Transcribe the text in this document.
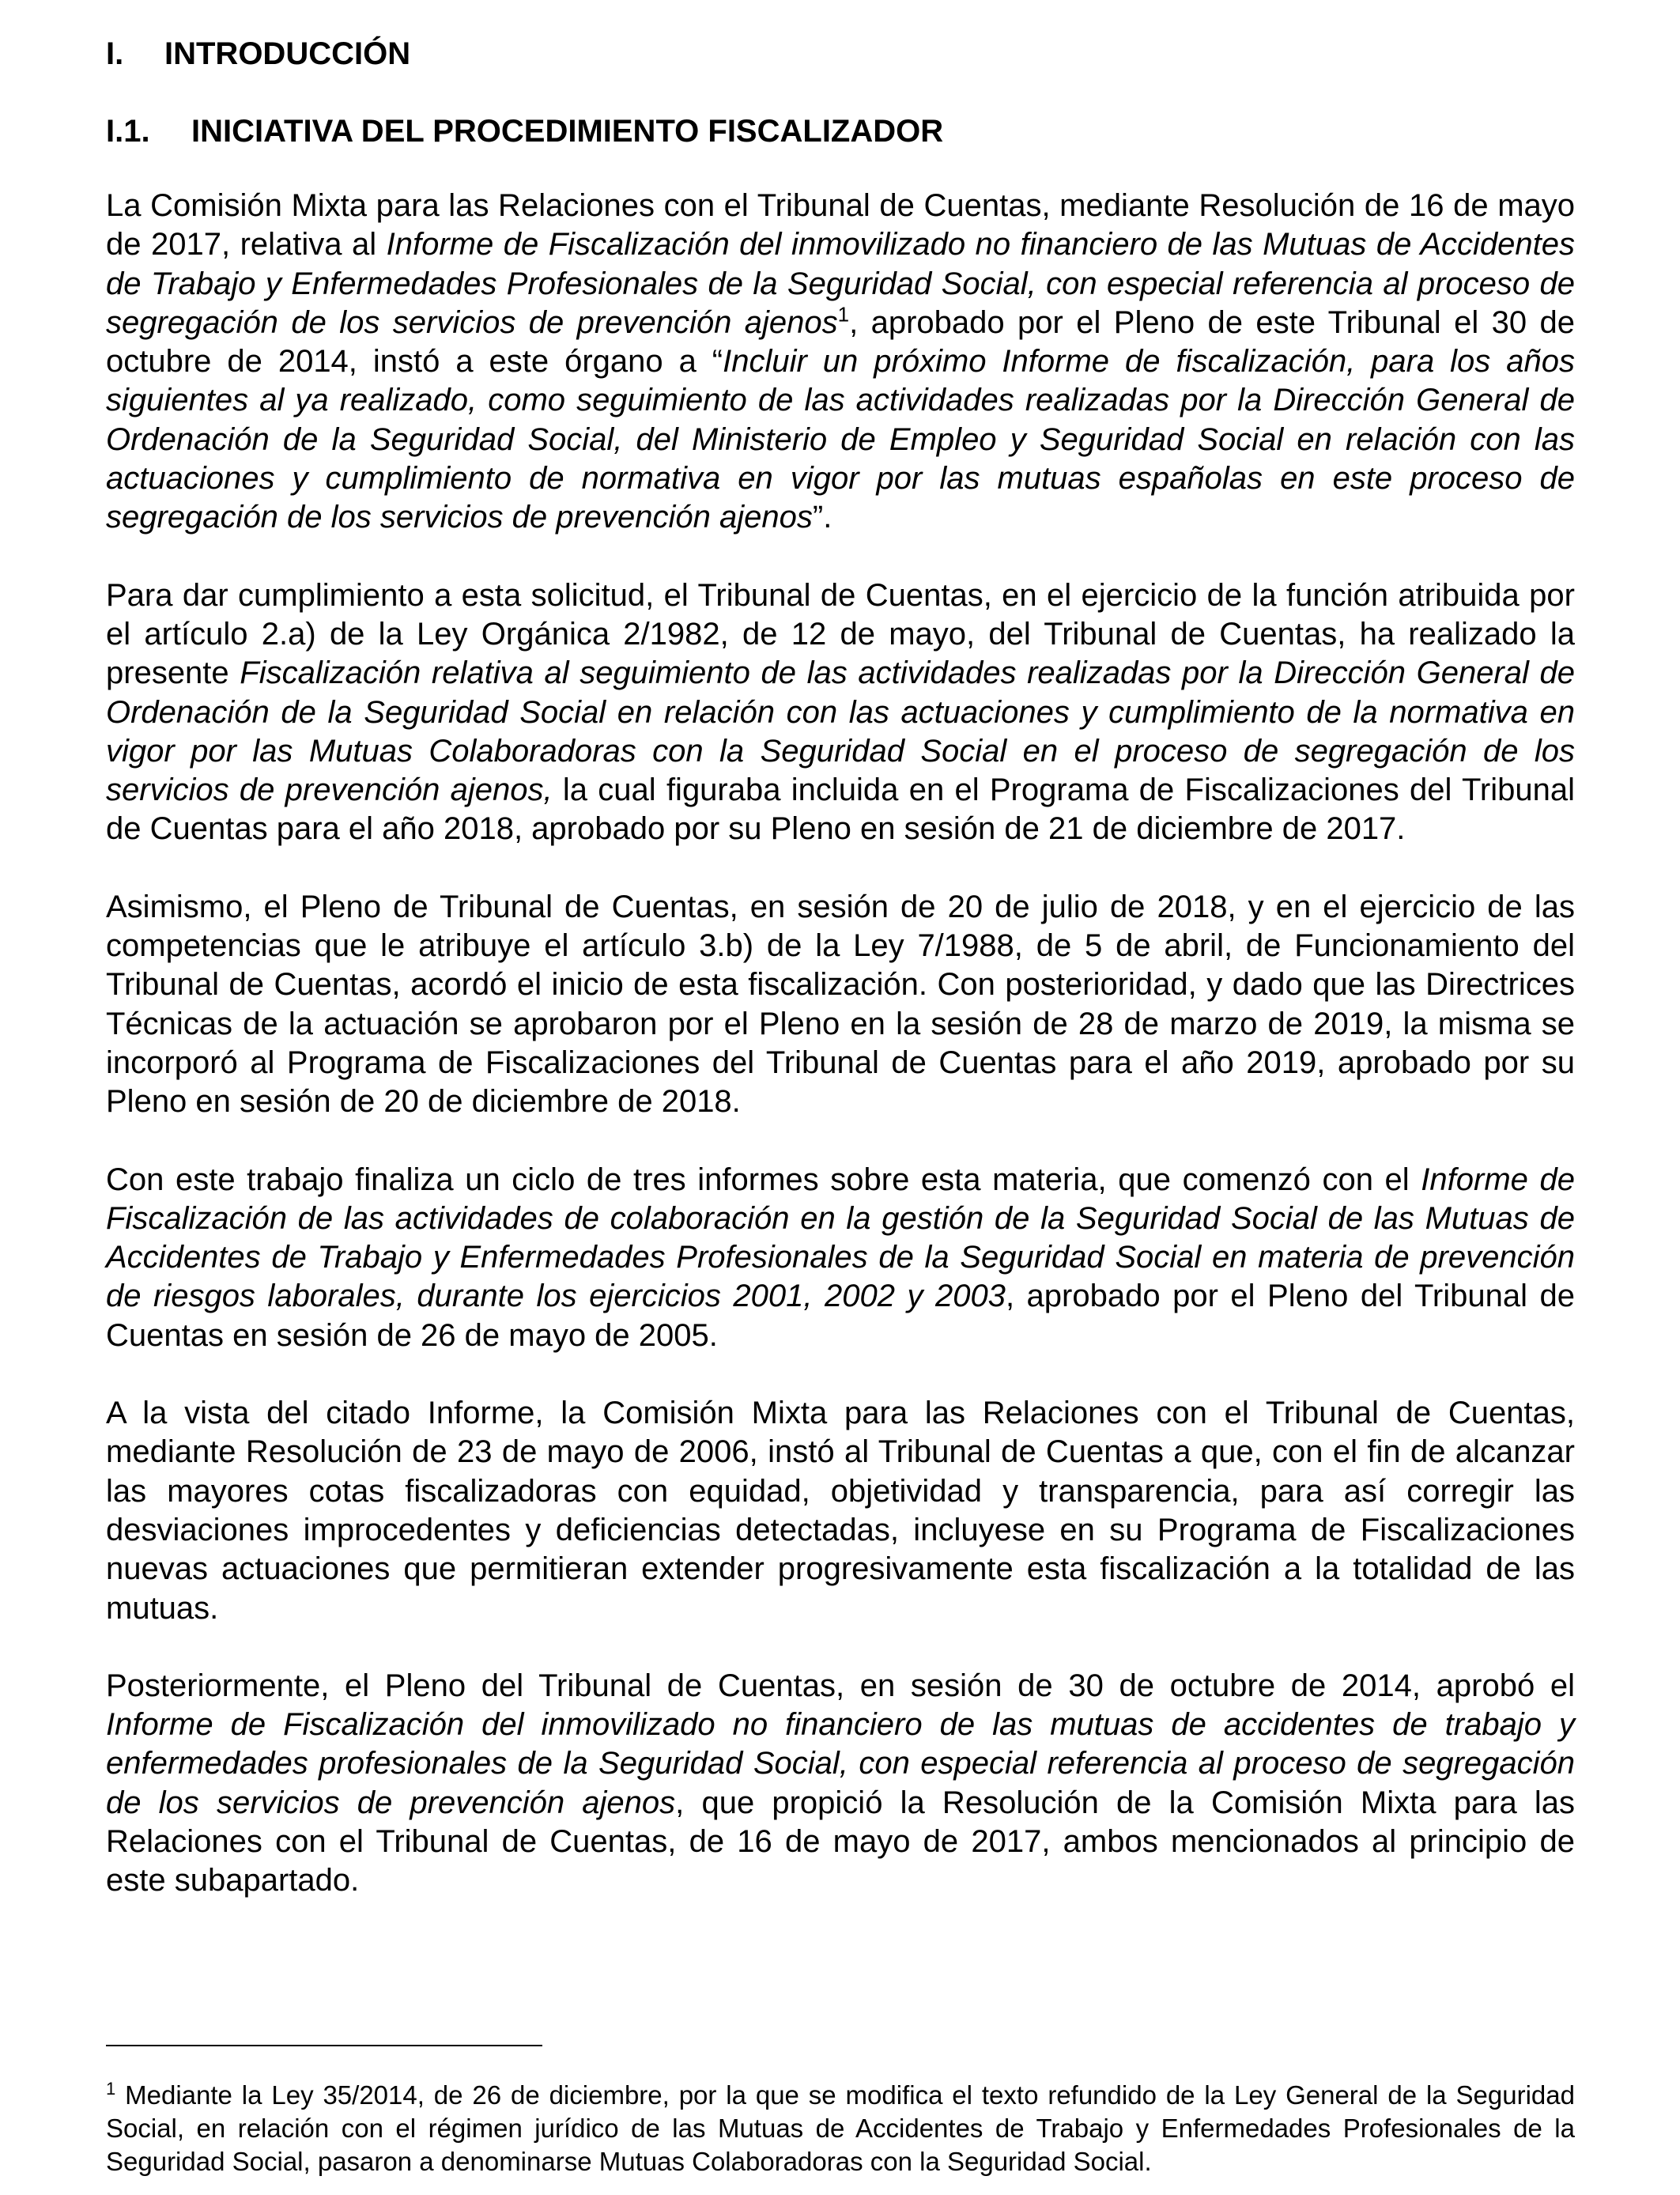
I. INTRODUCCIÓN
I.1. INICIATIVA DEL PROCEDIMIENTO FISCALIZADOR

La Comisión Mixta para las Relaciones con el Tribunal de Cuentas, mediante Resolución de 16 de mayo de 2017, relativa al Informe de Fiscalización del inmovilizado no financiero de las Mutuas de Accidentes de Trabajo y Enfermedades Profesionales de la Seguridad Social, con especial referencia al proceso de segregación de los servicios de prevención ajenos$^1$, aprobado por el Pleno de este Tribunal el 30 de octubre de 2014, instó a este órgano a “Incluir un próximo Informe de fiscalización, para los años siguientes al ya realizado, como seguimiento de las actividades realizadas por la Dirección General de Ordenación de la Seguridad Social, del Ministerio de Empleo y Seguridad Social en relación con las actuaciones y cumplimiento de normativa en vigor por las mutuas españolas en este proceso de segregación de los servicios de prevención ajenos”.

Para dar cumplimiento a esta solicitud, el Tribunal de Cuentas, en el ejercicio de la función atribuida por el artículo 2.a) de la Ley Orgánica 2/1982, de 12 de mayo, del Tribunal de Cuentas, ha realizado la presente Fiscalización relativa al seguimiento de las actividades realizadas por la Dirección General de Ordenación de la Seguridad Social en relación con las actuaciones y cumplimiento de la normativa en vigor por las Mutuas Colaboradoras con la Seguridad Social en el proceso de segregación de los servicios de prevención ajenos, la cual figuraba incluida en el Programa de Fiscalizaciones del Tribunal de Cuentas para el año 2018, aprobado por su Pleno en sesión de 21 de diciembre de 2017.

Asimismo, el Pleno de Tribunal de Cuentas, en sesión de 20 de julio de 2018, y en el ejercicio de las competencias que le atribuye el artículo 3.b) de la Ley 7/1988, de 5 de abril, de Funcionamiento del Tribunal de Cuentas, acordó el inicio de esta fiscalización. Con posterioridad, y dado que las Directrices Técnicas de la actuación se aprobaron por el Pleno en la sesión de 28 de marzo de 2019, la misma se incorporó al Programa de Fiscalizaciones del Tribunal de Cuentas para el año 2019, aprobado por su Pleno en sesión de 20 de diciembre de 2018.

Con este trabajo finaliza un ciclo de tres informes sobre esta materia, que comenzó con el Informe de Fiscalización de las actividades de colaboración en la gestión de la Seguridad Social de las Mutuas de Accidentes de Trabajo y Enfermedades Profesionales de la Seguridad Social en materia de prevención de riesgos laborales, durante los ejercicios 2001, 2002 y 2003, aprobado por el Pleno del Tribunal de Cuentas en sesión de 26 de mayo de 2005.

A la vista del citado Informe, la Comisión Mixta para las Relaciones con el Tribunal de Cuentas, mediante Resolución de 23 de mayo de 2006, instó al Tribunal de Cuentas a que, con el fin de alcanzar las mayores cotas fiscalizadoras con equidad, objetividad y transparencia, para así corregir las desviaciones improcedentes y deficiencias detectadas, incluyese en su Programa de Fiscalizaciones nuevas actuaciones que permitieran extender progresivamente esta fiscalización a la totalidad de las mutuas.

Posteriormente, el Pleno del Tribunal de Cuentas, en sesión de 30 de octubre de 2014, aprobó el Informe de Fiscalización del inmovilizado no financiero de las mutuas de accidentes de trabajo y enfermedades profesionales de la Seguridad Social, con especial referencia al proceso de segregación de los servicios de prevención ajenos, que propició la Resolución de la Comisión Mixta para las Relaciones con el Tribunal de Cuentas, de 16 de mayo de 2017, ambos mencionados al principio de este subapartado.

$^1$ Mediante la Ley 35/2014, de 26 de diciembre, por la que se modifica el texto refundido de la Ley General de la Seguridad Social, en relación con el régimen jurídico de las Mutuas de Accidentes de Trabajo y Enfermedades Profesionales de la Seguridad Social, pasaron a denominarse Mutuas Colaboradoras con la Seguridad Social.
